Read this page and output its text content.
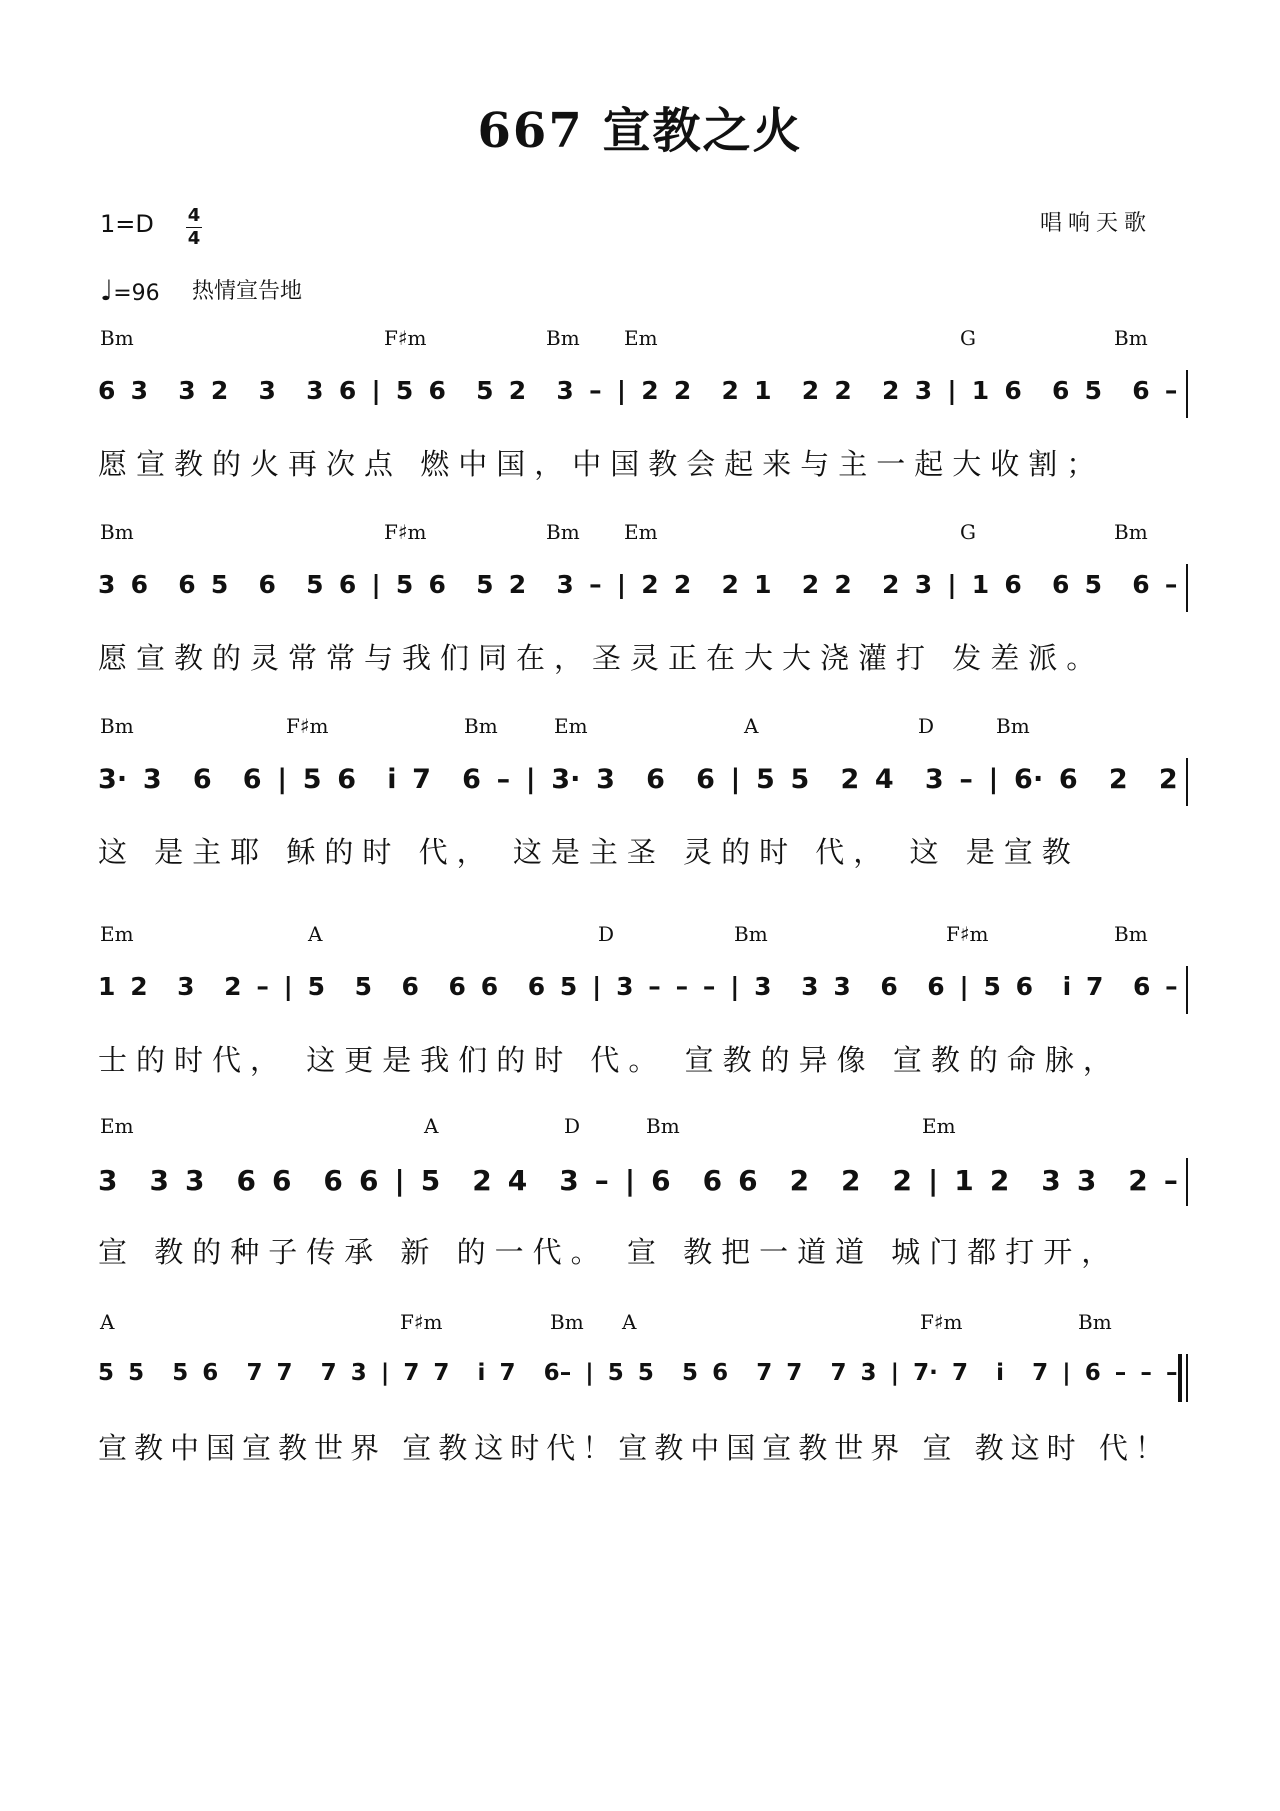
667 宣教之火
1=D 4
4
♩=96 热情宣告地
唱响天歌
Bm	F♯m	Bm Em	G	Bm
6 3  3 2  3  3 6 | 5 6  5 2  3 – | 2 2  2 1  2 2  2 3 | 1 6  6 5  6 –
愿宣教的火再次点 燃中国，中国教会起来与主一起大收割；
Bm	F♯m	Bm Em	G	Bm
3 6  6 5  6  5 6 | 5 6  5 2  3 – | 2 2  2 1  2 2  2 3 | 1 6  6 5  6 –
愿宣教的灵常常与我们同在，圣灵正在大大浇灌打 发差派。
Bm	F♯m	Bm	Em	A	D	Bm
3· 3  6  6 | 5 6  i 7  6 – | 3· 3  6  6 | 5 5  2 4  3 – | 6· 6  2  2
这 是主耶 稣的时 代， 这是主圣 灵的时 代， 这 是宣教
Em	A	D	Bm	F♯m	Bm
1 2  3  2 – | 5  5  6  6 6  6 5 | 3 – – – | 3  3 3  6  6 | 5 6  i 7  6 –
士的时代， 这更是我们的时 代。 宣教的异像 宣教的命脉，
Em	A	D	Bm	Em
3  3 3  6 6  6 6 | 5  2 4  3 – | 6  6 6  2  2  2 | 1 2  3 3  2 –
宣 教的种子传承 新 的一代。 宣 教把一道道 城门都打开，
A	F♯m	Bm A	F♯m	Bm
5 5  5 6  7 7  7 3 | 7 7  i 7  6– | 5 5  5 6  7 7  7 3 | 7· 7  i  7 | 6 – – –
宣教中国宣教世界 宣教这时代！宣教中国宣教世界 宣 教这时 代！
